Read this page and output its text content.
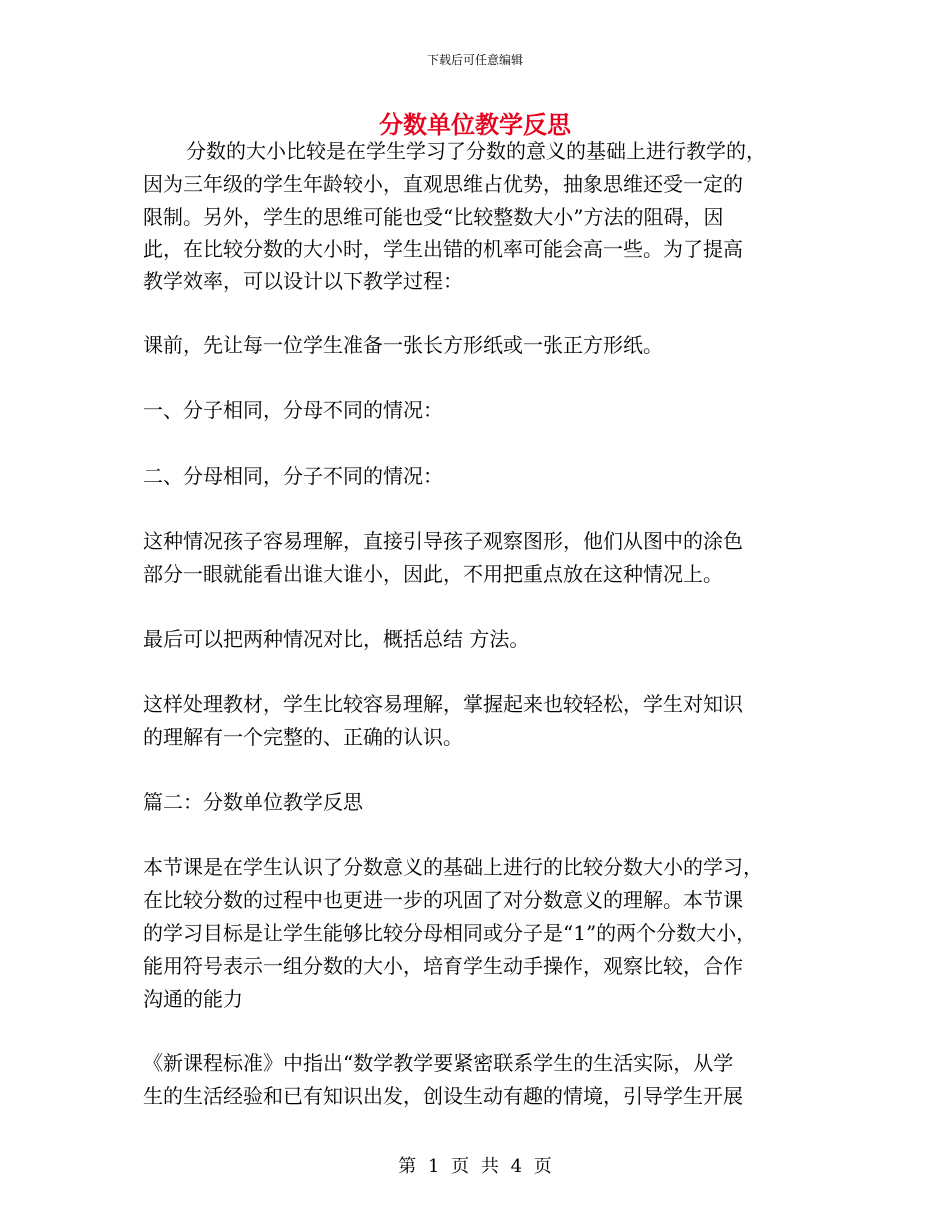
下载后可任意编辑
分数单位教学反思
分数的大小比较是在学生学习了分数的意义的基础上进行教学的，
因为三年级的学生年龄较小，直观思维占优势，抽象思维还受一定的
限制。另外，学生的思维可能也受“比较整数大小”方法的阻碍，因
此，在比较分数的大小时，学生出错的机率可能会高一些。为了提高
教学效率，可以设计以下教学过程：
课前，先让每一位学生准备一张长方形纸或一张正方形纸。
一、分子相同，分母不同的情况：
二、分母相同，分子不同的情况：
这种情况孩子容易理解，直接引导孩子观察图形，他们从图中的涂色
部分一眼就能看出谁大谁小，因此，不用把重点放在这种情况上。
最后可以把两种情况对比，概括总结 方法。
这样处理教材，学生比较容易理解，掌握起来也较轻松，学生对知识
的理解有一个完整的、正确的认识。
篇二：分数单位教学反思
本节课是在学生认识了分数意义的基础上进行的比较分数大小的学习，
在比较分数的过程中也更进一步的巩固了对分数意义的理解。本节课
的学习目标是让学生能够比较分母相同或分子是“1”的两个分数大小，
能用符号表示一组分数的大小，培育学生动手操作，观察比较，合作
沟通的能力
《新课程标准》中指出“数学教学要紧密联系学生的生活实际，从学
生的生活经验和已有知识出发，创设生动有趣的情境，引导学生开展
第 1 页 共 4 页
